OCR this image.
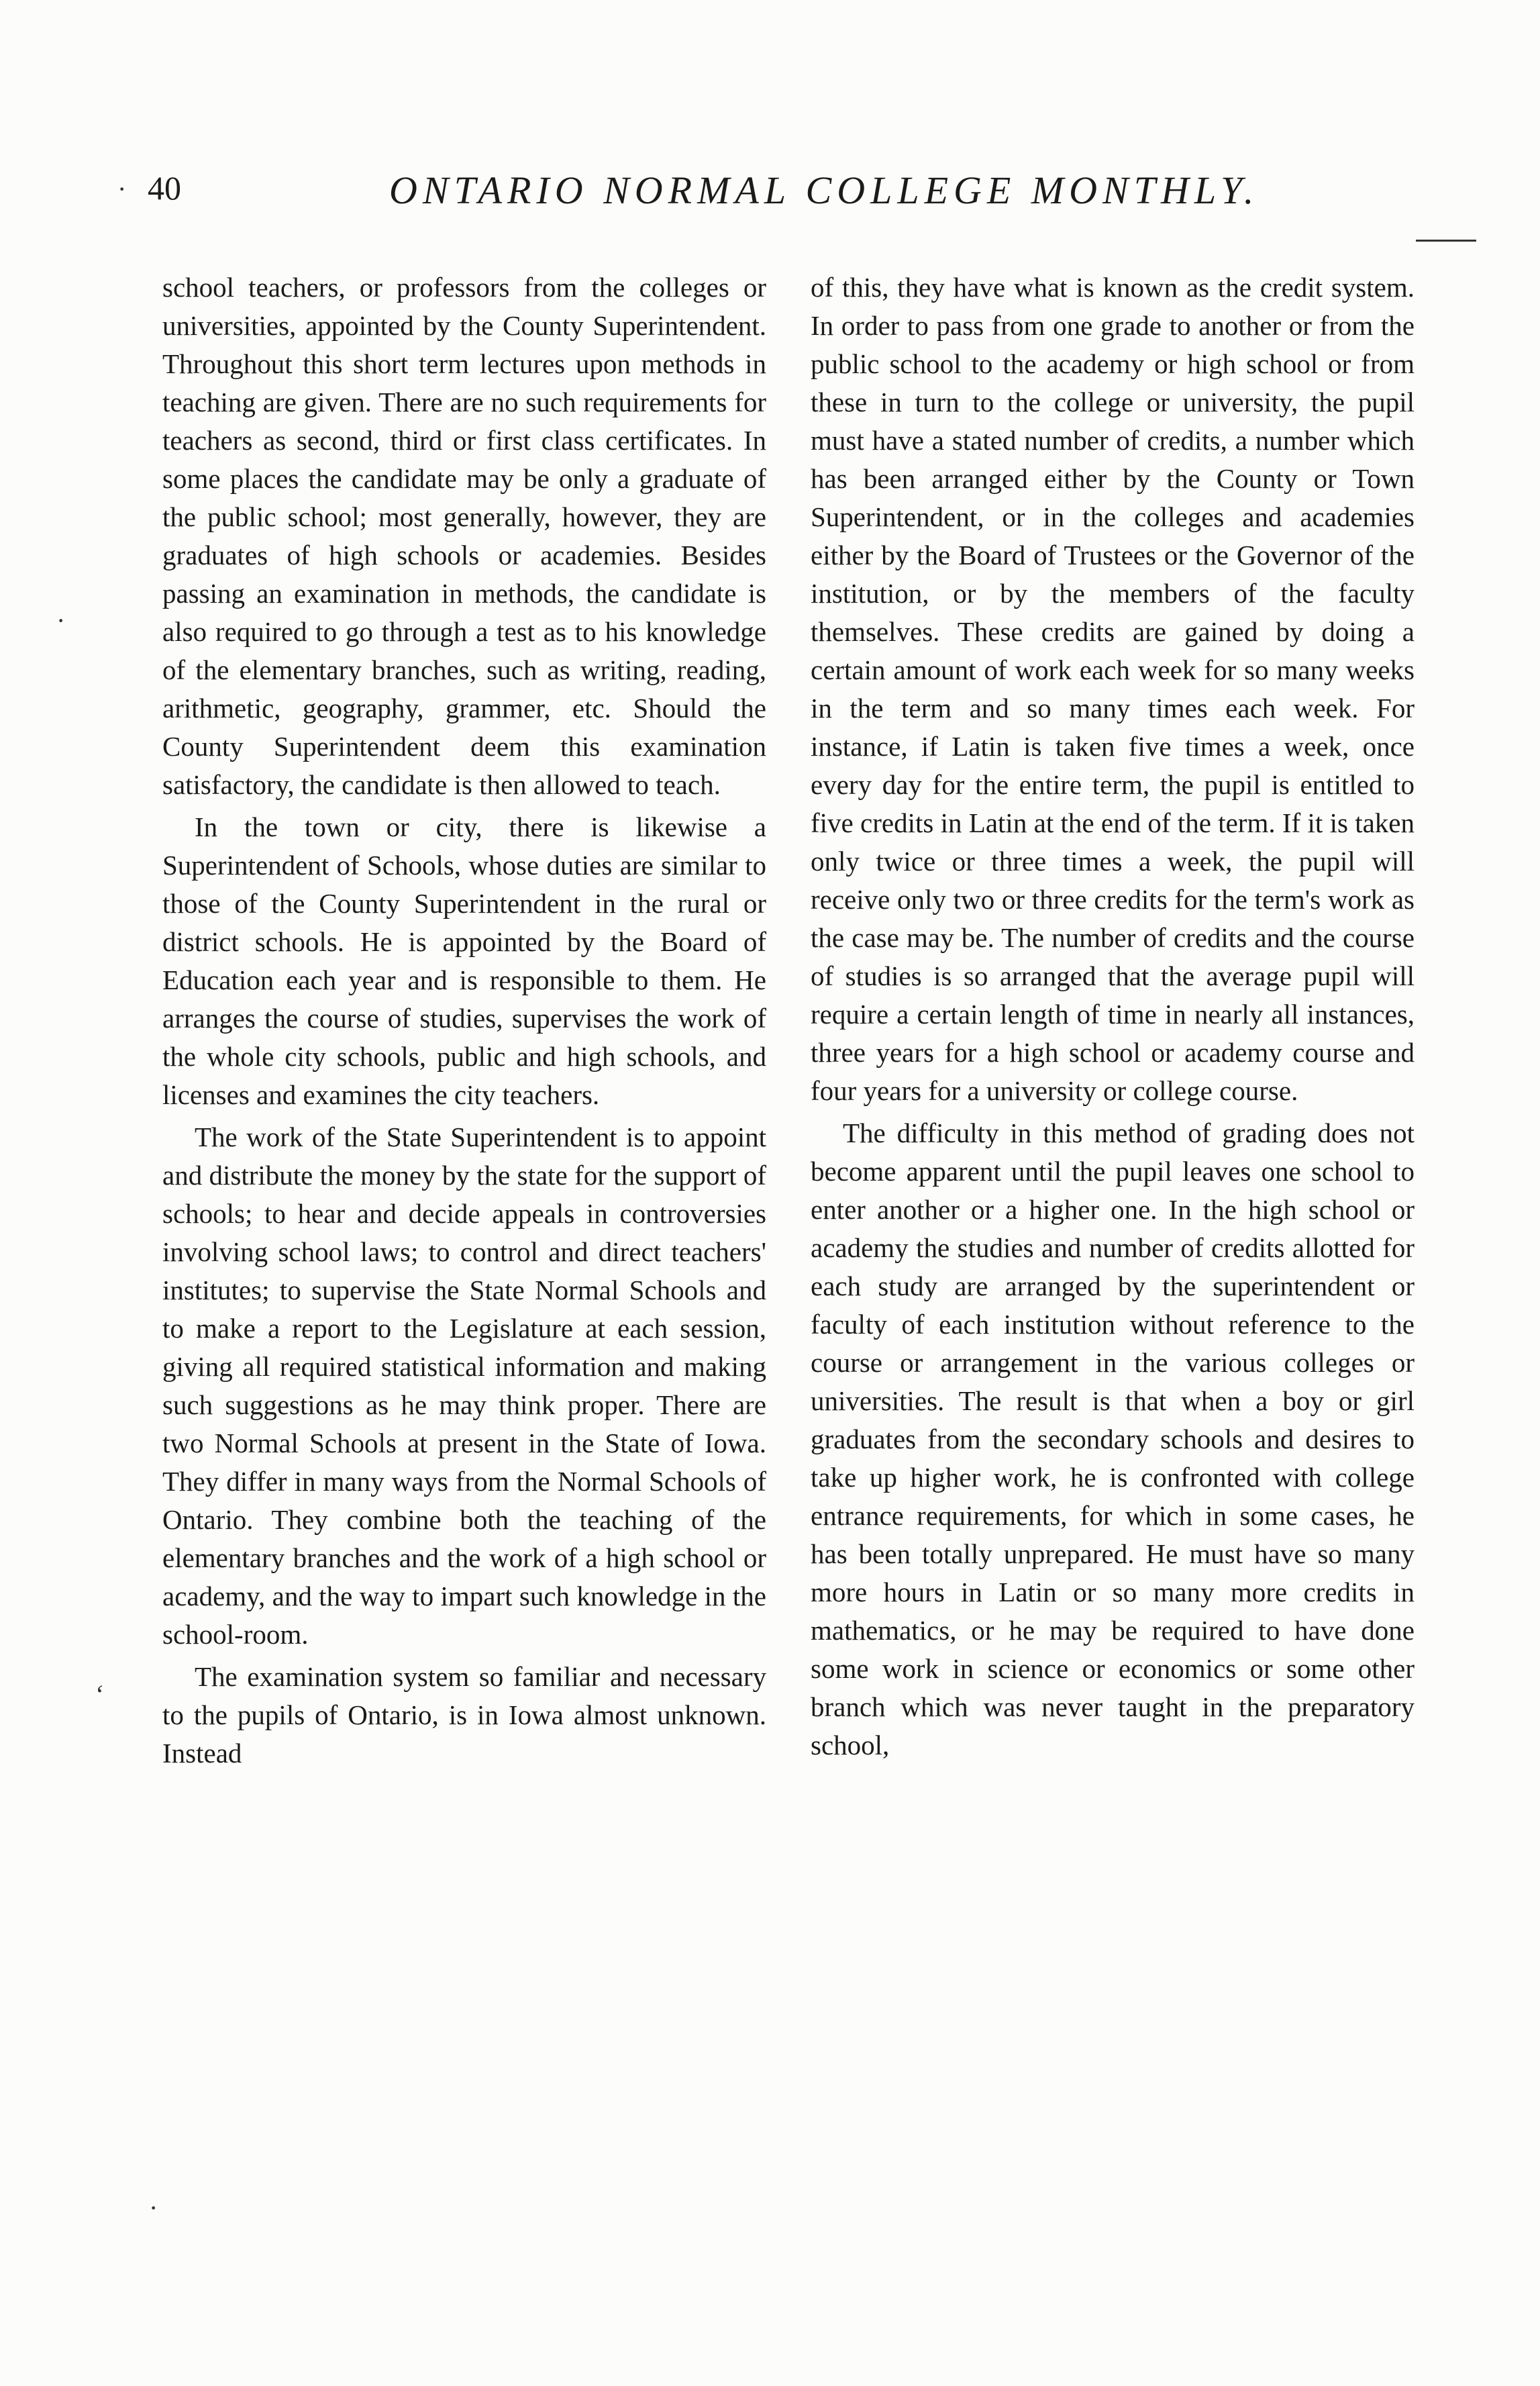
40	ONTARIO NORMAL COLLEGE MONTHLY.
·
·
ʻ
·

school teachers, or professors from the colleges or universities, appointed by the County Superintendent. Throughout this short term lectures upon methods in teaching are given. There are no such requirements for teachers as second, third or first class certificates. In some places the candidate may be only a graduate of the public school; most generally, however, they are graduates of high schools or academies. Besides passing an examination in methods, the candidate is also required to go through a test as to his knowledge of the elementary branches, such as writing, reading, arithmetic, geography, grammer, etc. Should the County Superintendent deem this examination satisfactory, the candidate is then allowed to teach.

In the town or city, there is likewise a Superintendent of Schools, whose duties are similar to those of the County Superintendent in the rural or district schools. He is appointed by the Board of Education each year and is responsible to them. He arranges the course of studies, supervises the work of the whole city schools, public and high schools, and licenses and examines the city teachers.

The work of the State Superintendent is to appoint and distribute the money by the state for the support of schools; to hear and decide appeals in controversies involving school laws; to control and direct teachers' institutes; to supervise the State Normal Schools and to make a report to the Legislature at each session, giving all required statistical information and making such suggestions as he may think proper. There are two Normal Schools at present in the State of Iowa. They differ in many ways from the Normal Schools of Ontario. They combine both the teaching of the elementary branches and the work of a high school or academy, and the way to impart such knowledge in the school-room.

The examination system so familiar and necessary to the pupils of Ontario, is in Iowa almost unknown. Instead

of this, they have what is known as the credit system. In order to pass from one grade to another or from the public school to the academy or high school or from these in turn to the college or university, the pupil must have a stated number of credits, a number which has been arranged either by the County or Town Superintendent, or in the colleges and academies either by the Board of Trustees or the Governor of the institution, or by the members of the faculty themselves. These credits are gained by doing a certain amount of work each week for so many weeks in the term and so many times each week. For instance, if Latin is taken five times a week, once every day for the entire term, the pupil is entitled to five credits in Latin at the end of the term. If it is taken only twice or three times a week, the pupil will receive only two or three credits for the term's work as the case may be. The number of credits and the course of studies is so arranged that the average pupil will require a certain length of time in nearly all instances, three years for a high school or academy course and four years for a university or college course.

The difficulty in this method of grading does not become apparent until the pupil leaves one school to enter another or a higher one. In the high school or academy the studies and number of credits allotted for each study are arranged by the superintendent or faculty of each institution without reference to the course or arrangement in the various colleges or universities. The result is that when a boy or girl graduates from the secondary schools and desires to take up higher work, he is confronted with college entrance requirements, for which in some cases, he has been totally unprepared. He must have so many more hours in Latin or so many more credits in mathematics, or he may be required to have done some work in science or economics or some other branch which was never taught in the preparatory school,
